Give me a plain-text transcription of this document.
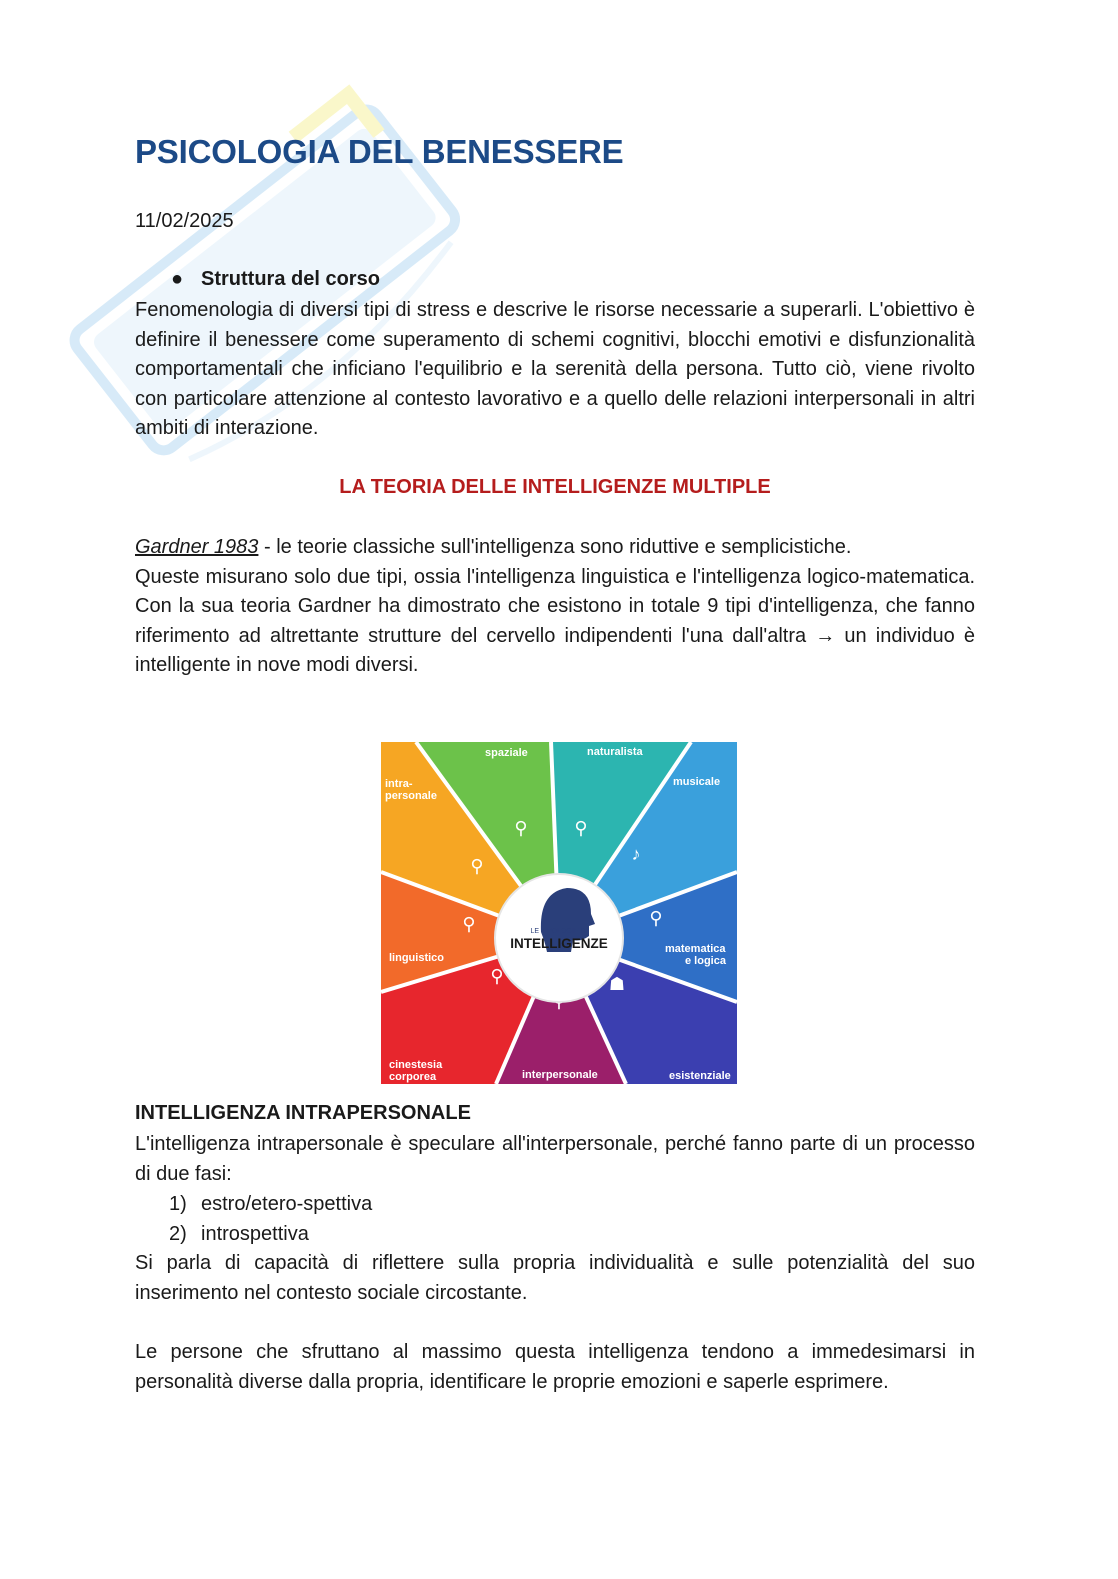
PSICOLOGIA DEL BENESSERE
11/02/2025
● Struttura del corso

Fenomenologia di diversi tipi di stress e descrive le risorse necessarie a superarli. L'obiettivo è definire il benessere come superamento di schemi cognitivi, blocchi emotivi e disfunzionalità comportamentali che inficiano l'equilibrio e la serenità della persona. Tutto ciò, viene rivolto con particolare attenzione al contesto lavorativo e a quello delle relazioni interpersonali in altri ambiti di interazione.

LA TEORIA DELLE INTELLIGENZE MULTIPLE

Gardner 1983 - le teorie classiche sull'intelligenza sono riduttive e semplicistiche.

Queste misurano solo due tipi, ossia l'intelligenza linguistica e l'intelligenza logico-matematica. Con la sua teoria Gardner ha dimostrato che esistono in totale 9 tipi d'intelligenza, che fanno riferimento ad altrettante strutture del cervello indipendenti l'una dall'altra → un individuo è intelligente in nove modi diversi.

⚲	⚲
♪
⚲
☗
⚲
⚲
⚲
LE TIPOLOGIE DI
INTELLIGENZE
spaziale	naturalista
musicale
intra-
personale
linguistico
matematica
e logica
cinestesia
corporea	interpersonale	esistenziale
INTELLIGENZA INTRAPERSONALE

L'intelligenza intrapersonale è speculare all'interpersonale, perché fanno parte di un processo di due fasi:

1) estro/etero-spettiva
2) introspettiva

Si parla di capacità di riflettere sulla propria individualità e sulle potenzialità del suo inserimento nel contesto sociale circostante.

Le persone che sfruttano al massimo questa intelligenza tendono a immedesimarsi in personalità diverse dalla propria, identificare le proprie emozioni e saperle esprimere.
